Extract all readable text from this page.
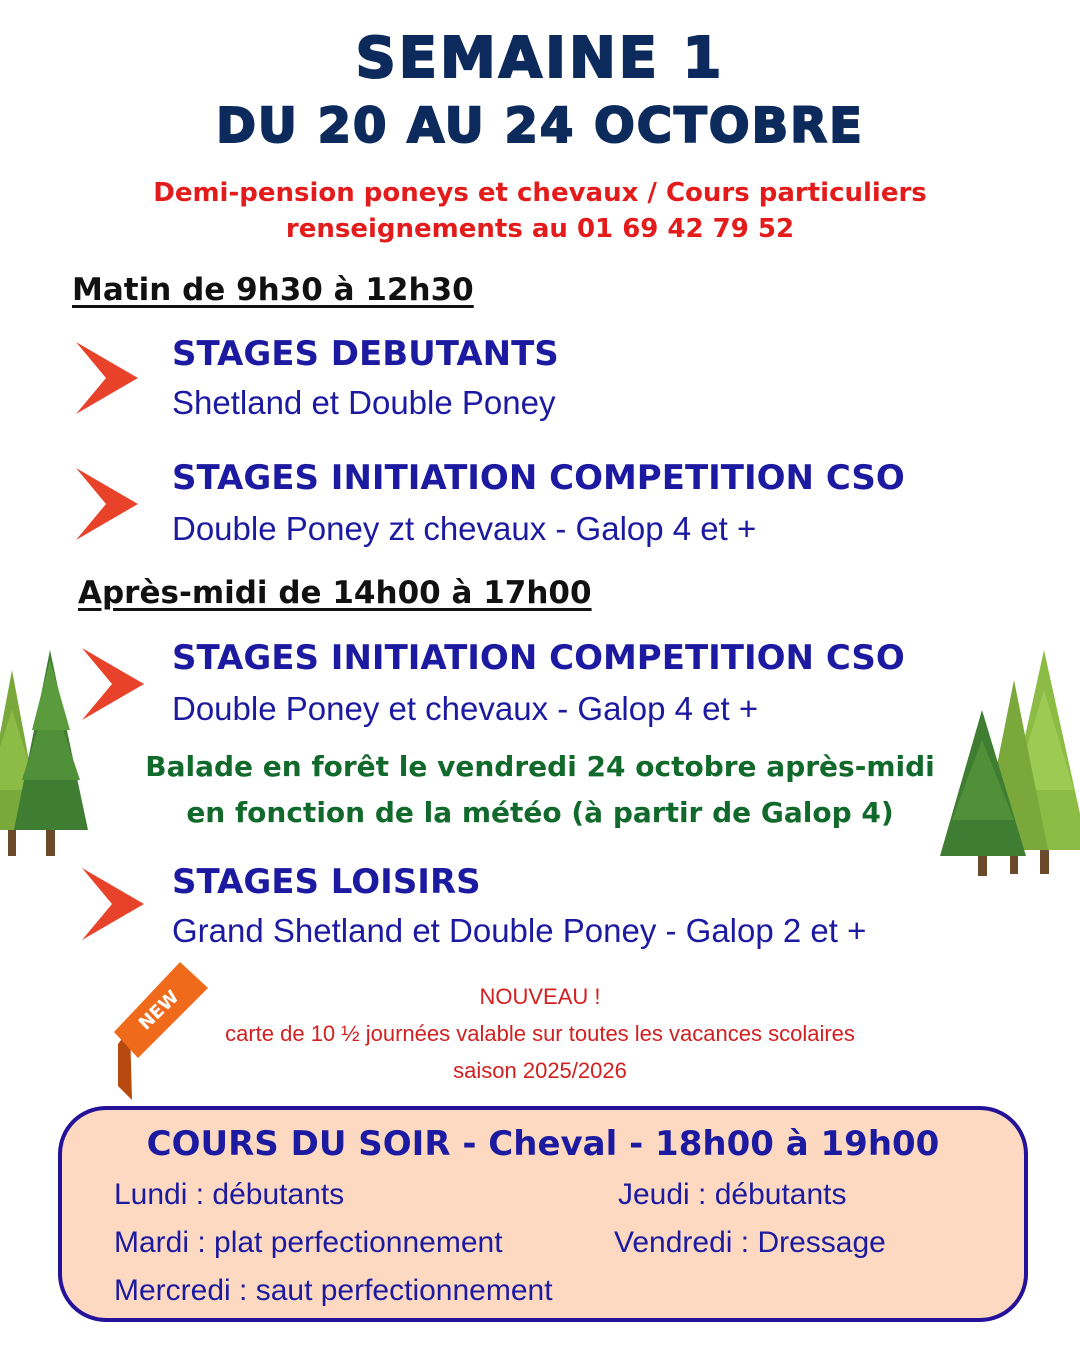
SEMAINE 1
DU 20 AU 24 OCTOBRE
Demi-pension poneys et chevaux / Cours particuliers
renseignements au 01 69 42 79 52
Matin de 9h30 à 12h30
STAGES DEBUTANTS
Shetland et Double Poney
STAGES INITIATION COMPETITION CSO
Double Poney zt chevaux - Galop 4 et +
Après-midi de 14h00 à 17h00
STAGES INITIATION COMPETITION CSO
Double Poney et chevaux - Galop 4 et +
Balade en forêt le vendredi 24 octobre après-midi
en fonction de la météo (à partir de Galop 4)
STAGES LOISIRS
Grand Shetland et Double Poney - Galop 2 et +
NEW	NOUVEAU !
carte de 10 ½ journées valable sur toutes les vacances scolaires
saison 2025/2026
COURS DU SOIR - Cheval - 18h00 à 19h00
Lundi : débutants	Jeudi : débutants
Mardi : plat perfectionnement	Vendredi : Dressage
Mercredi : saut perfectionnement
